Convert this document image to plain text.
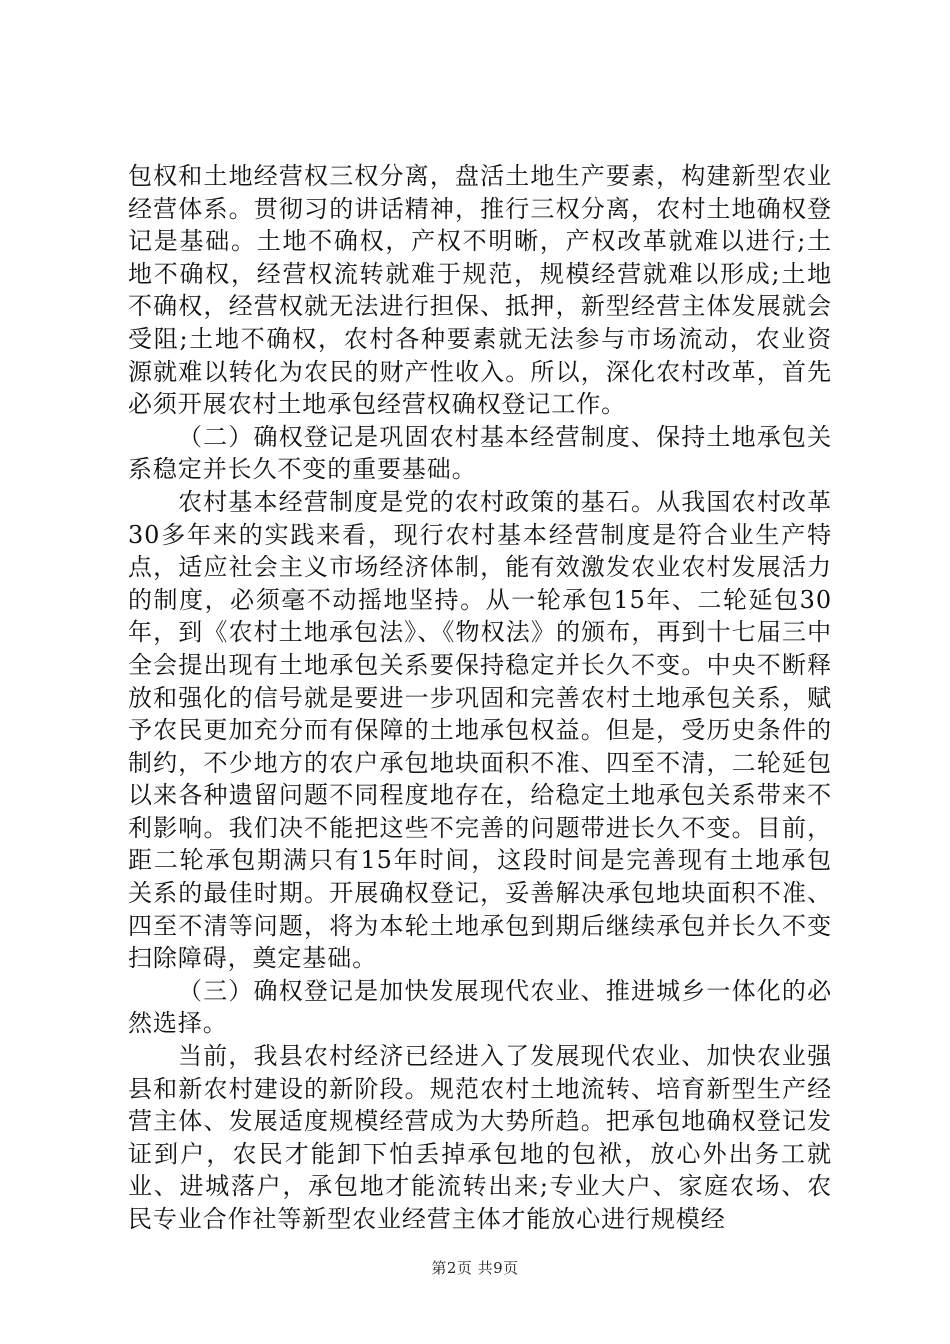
包权和土地经营权三权分离，盘活土地生产要素，构建新型农业经营体系。贯彻习的讲话精神，推行三权分离，农村土地确权登记是基础。土地不确权，产权不明晰，产权改革就难以进行;土地不确权，经营权流转就难于规范，规模经营就难以形成;土地不确权，经营权就无法进行担保、抵押，新型经营主体发展就会受阻;土地不确权，农村各种要素就无法参与市场流动，农业资源就难以转化为农民的财产性收入。所以，深化农村改革，首先必须开展农村土地承包经营权确权登记工作。

（二）确权登记是巩固农村基本经营制度、保持土地承包关系稳定并长久不变的重要基础。

农村基本经营制度是党的农村政策的基石。从我国农村改革30多年来的实践来看，现行农村基本经营制度是符合业生产特点，适应社会主义市场经济体制，能有效激发农业农村发展活力的制度，必须毫不动摇地坚持。从一轮承包15年、二轮延包30年，到《农村土地承包法》、《物权法》的颁布，再到十七届三中全会提出现有土地承包关系要保持稳定并长久不变。中央不断释放和强化的信号就是要进一步巩固和完善农村土地承包关系，赋予农民更加充分而有保障的土地承包权益。但是，受历史条件的制约，不少地方的农户承包地块面积不准、四至不清，二轮延包以来各种遗留问题不同程度地存在，给稳定土地承包关系带来不利影响。我们决不能把这些不完善的问题带进长久不变。目前，距二轮承包期满只有15年时间，这段时间是完善现有土地承包关系的最佳时期。开展确权登记，妥善解决承包地块面积不准、四至不清等问题，将为本轮土地承包到期后继续承包并长久不变扫除障碍，奠定基础。

（三）确权登记是加快发展现代农业、推进城乡一体化的必然选择。

当前，我县农村经济已经进入了发展现代农业、加快农业强县和新农村建设的新阶段。规范农村土地流转、培育新型生产经营主体、发展适度规模经营成为大势所趋。把承包地确权登记发证到户，农民才能卸下怕丢掉承包地的包袱，放心外出务工就业、进城落户，承包地才能流转出来;专业大户、家庭农场、农民专业合作社等新型农业经营主体才能放心进行规模经

第2页 共9页
